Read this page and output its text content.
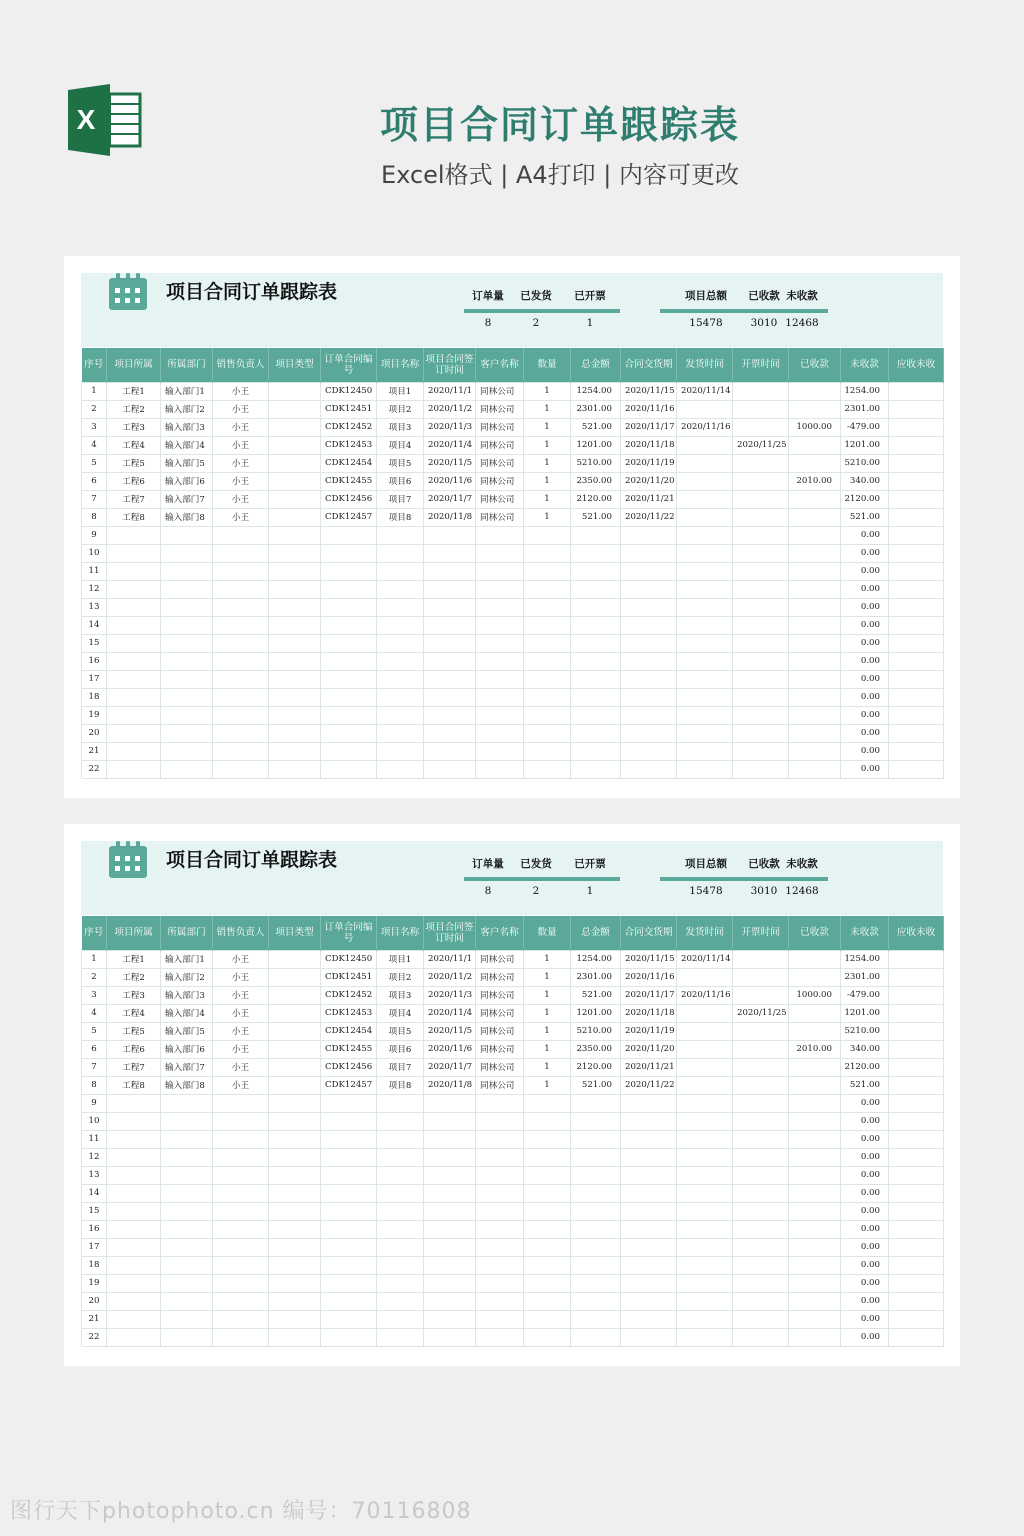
X	项目合同订单跟踪表
Excel格式 | A4打印 | 内容可更改
项目合同订单跟踪表	订单量
8
已发货
2
已开票
1
项目总额
15478
已收款
3010
未收款
12468
序号	项目所属	所属部门	销售负责人	项目类型	订单合同编号	项目名称	项目合同签订时间	客户名称	数量	总金额	合同交货期	发货时间	开票时间	已收款	未收款	应收未收
1	工程1	输入部门1	小王		CDK12450	项目1	2020/11/1	同林公司	1	1254.00	2020/11/15	2020/11/14			1254.00	
2	工程2	输入部门2	小王		CDK12451	项目2	2020/11/2	同林公司	1	2301.00	2020/11/16				2301.00	
3	工程3	输入部门3	小王		CDK12452	项目3	2020/11/3	同林公司	1	521.00	2020/11/17	2020/11/16		1000.00	-479.00	
4	工程4	输入部门4	小王		CDK12453	项目4	2020/11/4	同林公司	1	1201.00	2020/11/18		2020/11/25		1201.00	
5	工程5	输入部门5	小王		CDK12454	项目5	2020/11/5	同林公司	1	5210.00	2020/11/19				5210.00	
6	工程6	输入部门6	小王		CDK12455	项目6	2020/11/6	同林公司	1	2350.00	2020/11/20			2010.00	340.00	
7	工程7	输入部门7	小王		CDK12456	项目7	2020/11/7	同林公司	1	2120.00	2020/11/21				2120.00	
8	工程8	输入部门8	小王		CDK12457	项目8	2020/11/8	同林公司	1	521.00	2020/11/22				521.00	
9															0.00	
10															0.00	
11															0.00	
12															0.00	
13															0.00	
14															0.00	
15															0.00	
16															0.00	
17															0.00	
18															0.00	
19															0.00	
20															0.00	
21															0.00	
22															0.00	
项目合同订单跟踪表	订单量
8
已发货
2
已开票
1
项目总额
15478
已收款
3010
未收款
12468
序号	项目所属	所属部门	销售负责人	项目类型	订单合同编号	项目名称	项目合同签订时间	客户名称	数量	总金额	合同交货期	发货时间	开票时间	已收款	未收款	应收未收
1	工程1	输入部门1	小王		CDK12450	项目1	2020/11/1	同林公司	1	1254.00	2020/11/15	2020/11/14			1254.00	
2	工程2	输入部门2	小王		CDK12451	项目2	2020/11/2	同林公司	1	2301.00	2020/11/16				2301.00	
3	工程3	输入部门3	小王		CDK12452	项目3	2020/11/3	同林公司	1	521.00	2020/11/17	2020/11/16		1000.00	-479.00	
4	工程4	输入部门4	小王		CDK12453	项目4	2020/11/4	同林公司	1	1201.00	2020/11/18		2020/11/25		1201.00	
5	工程5	输入部门5	小王		CDK12454	项目5	2020/11/5	同林公司	1	5210.00	2020/11/19				5210.00	
6	工程6	输入部门6	小王		CDK12455	项目6	2020/11/6	同林公司	1	2350.00	2020/11/20			2010.00	340.00	
7	工程7	输入部门7	小王		CDK12456	项目7	2020/11/7	同林公司	1	2120.00	2020/11/21				2120.00	
8	工程8	输入部门8	小王		CDK12457	项目8	2020/11/8	同林公司	1	521.00	2020/11/22				521.00	
9															0.00	
10															0.00	
11															0.00	
12															0.00	
13															0.00	
14															0.00	
15															0.00	
16															0.00	
17															0.00	
18															0.00	
19															0.00	
20															0.00	
21															0.00	
22															0.00	
图行天下photophoto.cn 编号：70116808
